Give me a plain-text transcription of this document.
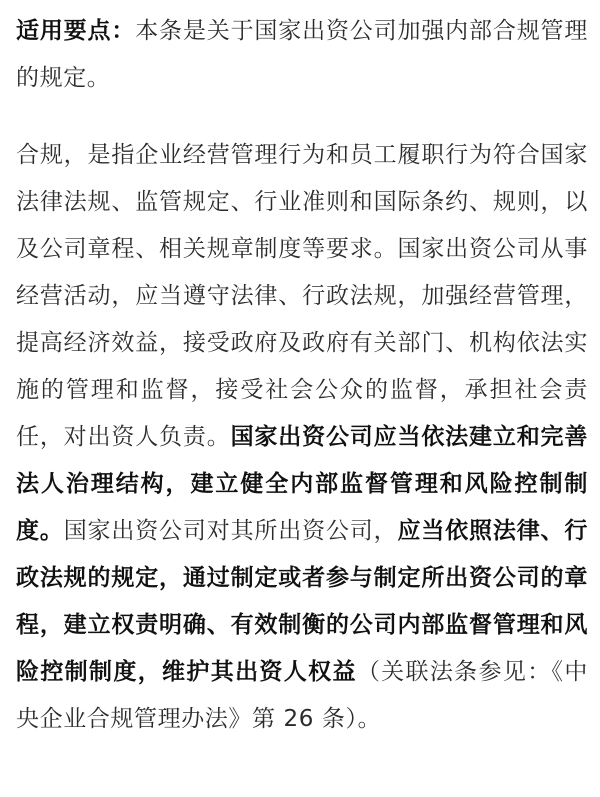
适用要点：本条是关于国家出资公司加强内部合规管理的规定。

合规，是指企业经营管理行为和员工履职行为符合国家法律法规、监管规定、行业准则和国际条约、规则，以及公司章程、相关规章制度等要求。国家出资公司从事经营活动，应当遵守法律、行政法规，加强经营管理，提高经济效益，接受政府及政府有关部门、机构依法实施的管理和监督，接受社会公众的监督，承担社会责任，对出资人负责。国家出资公司应当依法建立和完善法人治理结构，建立健全内部监督管理和风险控制制度。国家出资公司对其所出资公司，应当依照法律、行政法规的规定，通过制定或者参与制定所出资公司的章程，建立权责明确、有效制衡的公司内部监督管理和风险控制制度，维护其出资人权益（关联法条参见：《中央企业合规管理办法》第 26 条）。
